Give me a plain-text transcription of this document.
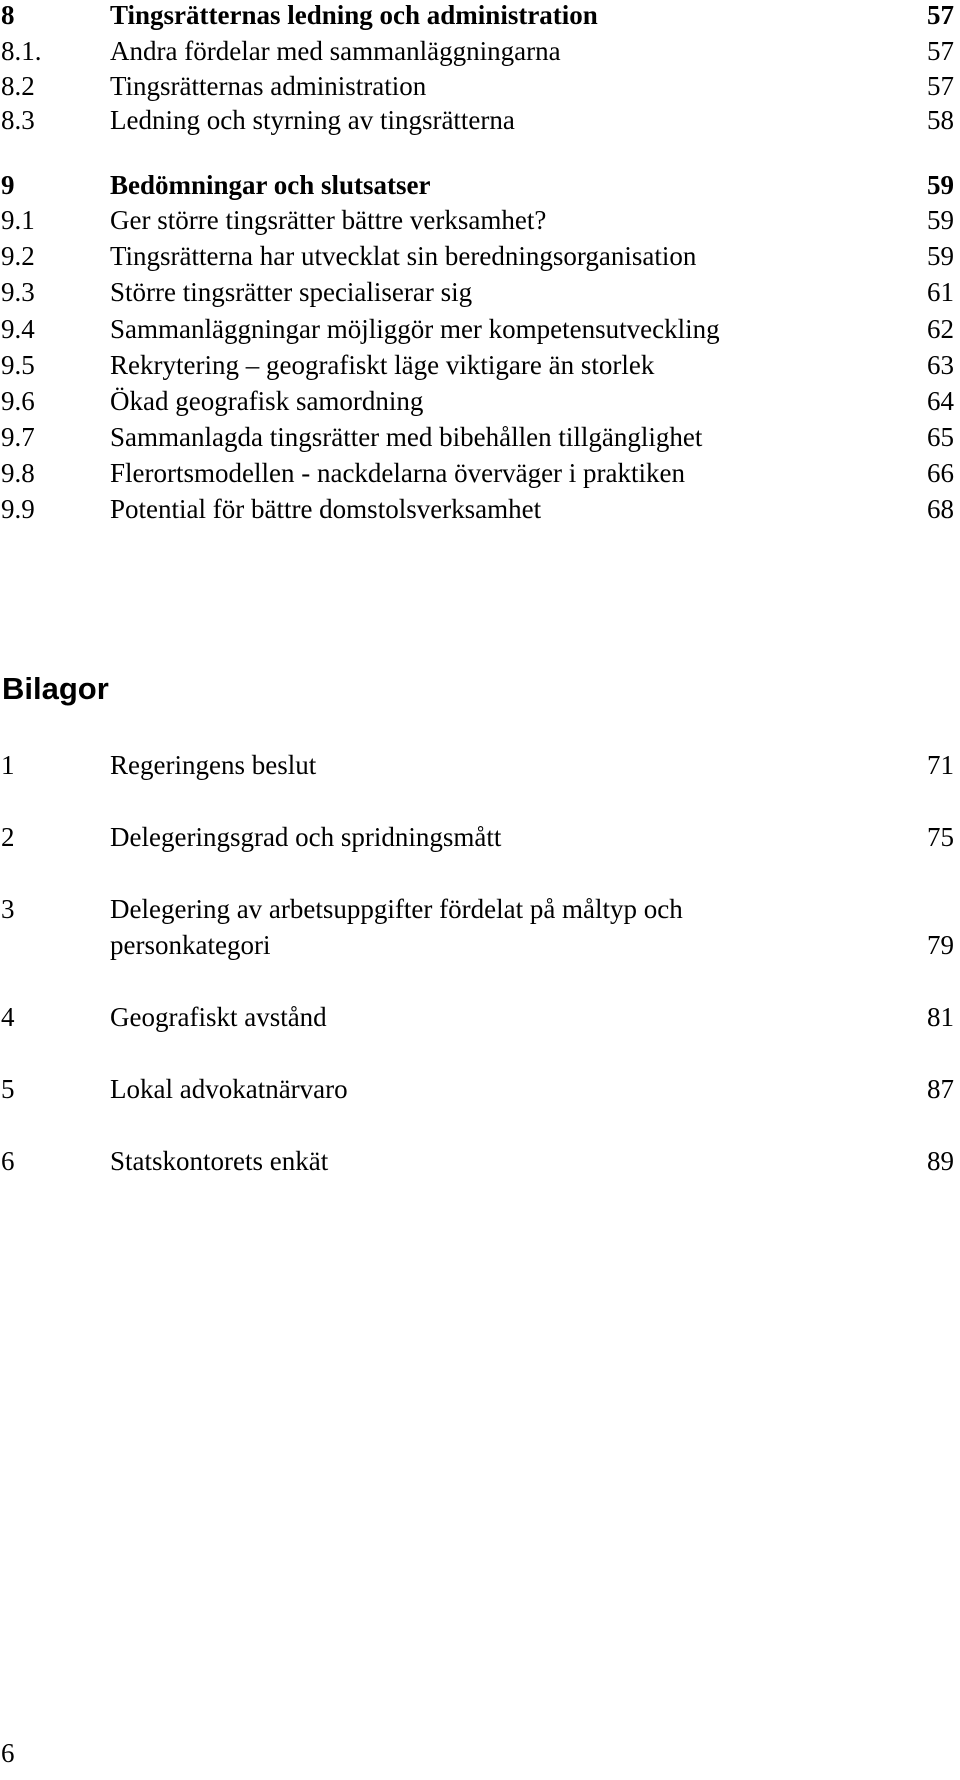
8	Tingsrätternas ledning och administration	57
8.1.	Andra fördelar med sammanläggningarna	57
8.2	Tingsrätternas administration	57
8.3	Ledning och styrning av tingsrätterna	58
9	Bedömningar och slutsatser	59
9.1	Ger större tingsrätter bättre verksamhet?	59
9.2	Tingsrätterna har utvecklat sin beredningsorganisation	59
9.3	Större tingsrätter specialiserar sig	61
9.4	Sammanläggningar möjliggör mer kompetensutveckling	62
9.5	Rekrytering – geografiskt läge viktigare än storlek	63
9.6	Ökad geografisk samordning	64
9.7	Sammanlagda tingsrätter med bibehållen tillgänglighet	65
9.8	Flerortsmodellen - nackdelarna överväger i praktiken	66
9.9	Potential för bättre domstolsverksamhet	68
Bilagor
1	Regeringens beslut	71
2	Delegeringsgrad och spridningsmått	75
3	Delegering av arbetsuppgifter fördelat på måltyp och personkategori	79
4	Geografiskt avstånd	81
5	Lokal advokatnärvaro	87
6	Statskontorets enkät	89
6
